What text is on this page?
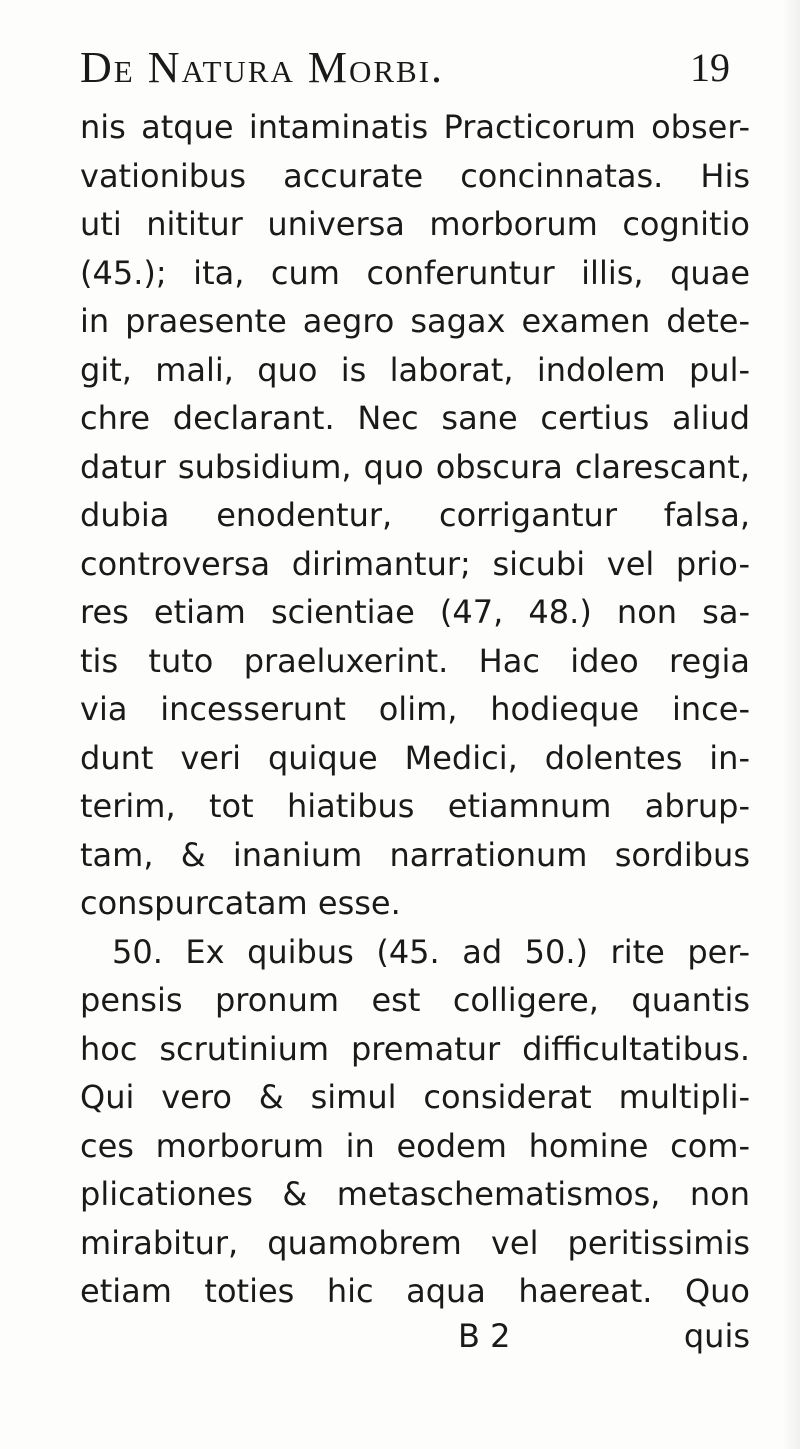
De Natura Morbi.	19
nis atque intaminatis Practicorum obser-
vationibus accurate concinnatas. His
uti nititur universa morborum cognitio
(45.); ita, cum conferuntur illis, quae
in praesente aegro sagax examen dete-
git, mali, quo is laborat, indolem pul-
chre declarant. Nec sane certius aliud
datur subsidium, quo obscura clarescant,
dubia enodentur, corrigantur falsa,
controversa dirimantur; sicubi vel prio-
res etiam scientiae (47, 48.) non sa-
tis tuto praeluxerint. Hac ideo regia
via incesserunt olim, hodieque ince-
dunt veri quique Medici, dolentes in-
terim, tot hiatibus etiamnum abrup-
tam, & inanium narrationum sordibus
conspurcatam esse.
50. Ex quibus (45. ad 50.) rite per-
pensis pronum est colligere, quantis
hoc scrutinium prematur difficultatibus.
Qui vero & simul considerat multipli-
ces morborum in eodem homine com-
plicationes & metaschematismos, non
mirabitur, quamobrem vel peritissimis
etiam toties hic aqua haereat. Quo
B 2	quis
